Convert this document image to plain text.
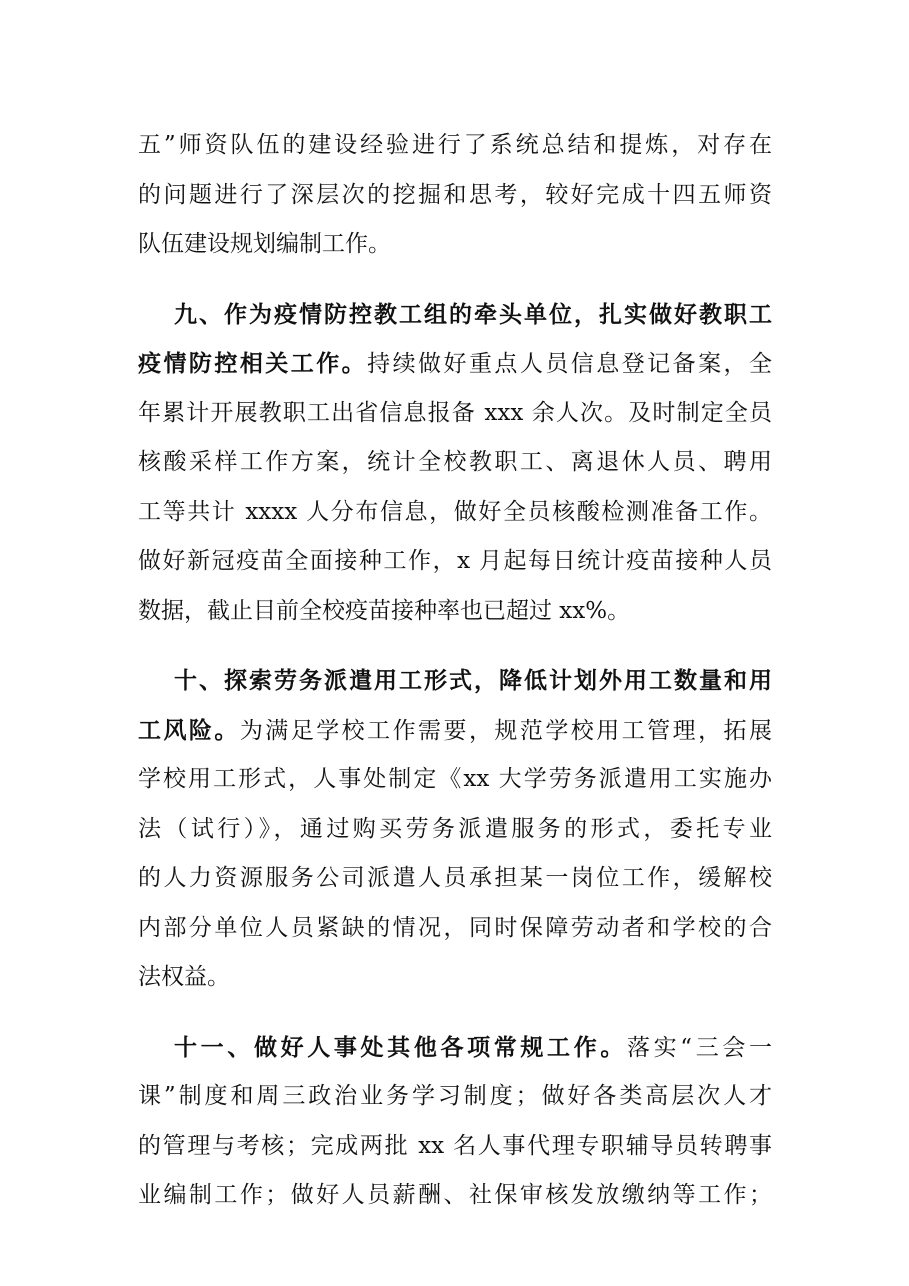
五”师资队伍的建设经验进行了系统总结和提炼，对存在
的问题进行了深层次的挖掘和思考，较好完成十四五师资
队伍建设规划编制工作。
九、作为疫情防控教工组的牵头单位，扎实做好教职工
疫情防控相关工作。持续做好重点人员信息登记备案，全
年累计开展教职工出省信息报备 xxx 余人次。及时制定全员
核酸采样工作方案，统计全校教职工、离退休人员、聘用
工等共计 xxxx 人分布信息，做好全员核酸检测准备工作。
做好新冠疫苗全面接种工作，x 月起每日统计疫苗接种人员
数据，截止目前全校疫苗接种率也已超过 xx%。
十、探索劳务派遣用工形式，降低计划外用工数量和用
工风险。为满足学校工作需要，规范学校用工管理，拓展
学校用工形式，人事处制定《xx 大学劳务派遣用工实施办
法（试行）》，通过购买劳务派遣服务的形式，委托专业
的人力资源服务公司派遣人员承担某一岗位工作，缓解校
内部分单位人员紧缺的情况，同时保障劳动者和学校的合
法权益。
十一、做好人事处其他各项常规工作。落实“三会一
课”制度和周三政治业务学习制度；做好各类高层次人才
的管理与考核；完成两批 xx 名人事代理专职辅导员转聘事
业编制工作；做好人员薪酬、社保审核发放缴纳等工作；
